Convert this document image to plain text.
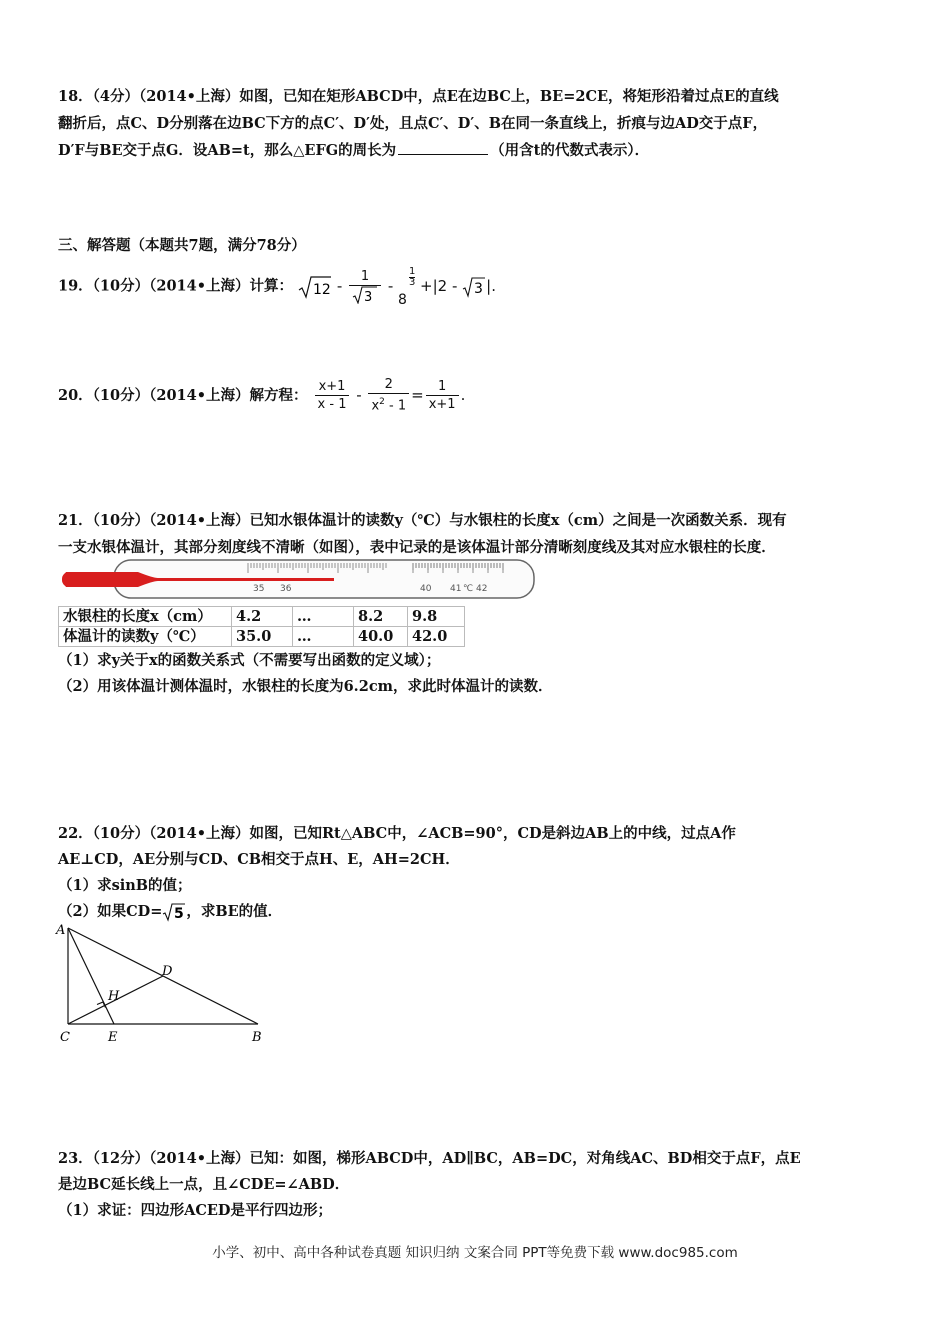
18．（4分）（2014•上海）如图，已知在矩形ABCD中，点E在边BC上，BE=2CE，将矩形沿着过点E的直线
翻折后，点C、D分别落在边BC下方的点C′、D′处，且点C′、D′、B在同一条直线上，折痕与边AD交于点F，
D′F与BE交于点G．设AB=t，那么△EFG的周长为	（用含t的代数式表示）．
三、解答题（本题共7题，满分78分）
19．（10分）（2014•上海）计算： $12 - \frac{1}{3}$ -
8
1
3 +|2 - 3 |.
20．（10分）（2014•上海）解方程： $\frac{x+1}{x - 1} - \frac{2}{x^2 - 1} = \frac{1}{x+1}$ .
21．（10分）（2014•上海）已知水银体温计的读数y（℃）与水银柱的长度x（cm）之间是一次函数关系．现有
一支水银体温计，其部分刻度线不清晰（如图），表中记录的是该体温计部分清晰刻度线及其对应水银柱的长度．
35 36	40 41 ℃ 42
水银柱的长度x（cm）	4.2	…	8.2	9.8
体温计的读数y（℃）	35.0	…	40.0	42.0
（1）求y关于x的函数关系式（不需要写出函数的定义域）；
（2）用该体温计测体温时，水银柱的长度为6.2cm，求此时体温计的读数．
22．（10分）（2014•上海）如图，已知Rt△ABC中，∠ACB=90°，CD是斜边AB上的中线，过点A作
AE⊥CD，AE分别与CD、CB相交于点H、E，AH=2CH．
（1）求sinB的值；
（2）如果CD= 5 ，求BE的值．
A
C	E	B
D
H
23．（12分）（2014•上海）已知：如图，梯形ABCD中，AD∥BC，AB=DC，对角线AC、BD相交于点F，点E
是边BC延长线上一点，且∠CDE=∠ABD．
（1）求证：四边形ACED是平行四边形；
小学、初中、高中各种试卷真题 知识归纳 文案合同 PPT等免费下载 www.doc985.com
